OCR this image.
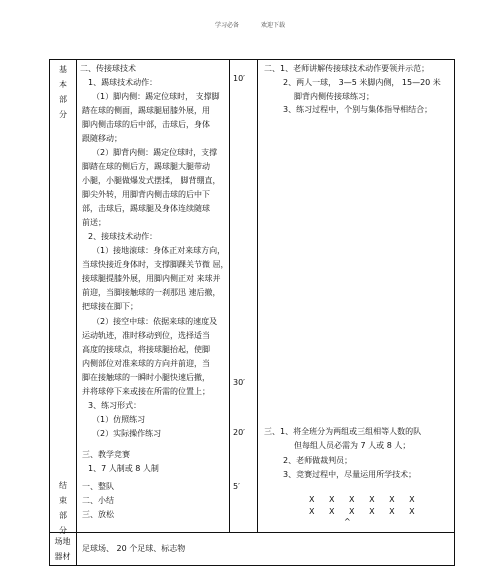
学习必备	欢迎下载
基
本
部
分
结
束
部
分
场地
器材
二、传接球技术
1、踢球技术动作：
（1）脚内侧：踢定位球时， 支撑脚
踏在球的侧面，踢球腿屈膝外展，用
脚内侧击球的后中部，击球后，身体
跟随移动；
（2）脚背内侧：踢定位球时，支撑
脚踏在球的侧后方，踢球腿大腿带动
小腿，小腿做爆发式摆揉， 脚背绷直，
脚尖外转，用脚背内侧击球的后中下
部，击球后，踢球腿及身体连续随球
前送；
2、接球技术动作：
（1）接地滚球：身体正对来球方向，
当球快接近身体时，支撑脚踝关节微 屈，
接球腿提膝外展，用脚内侧正对 来球并
前迎，当脚接触球的一刹那迅 速后撤，
把球接在脚下；
（2）接空中球：依据来球的速度及
运动轨迹，准时移动到位，选择适当
高度的接球点，将接球腿抬起，使脚
内侧部位对准来球的方向并前迎，当
脚在接触球的一瞬时小腿快速后撤，
并将球停下来或接在所需的位置上；
3、练习形式：
（1）仿照练习
（2）实际操作练习
三、教学竞赛
1、7 人制或 8 人制
一、整队
二、小结
三、放松
10′
30′
20′
5′
二、1、老师讲解传接球技术动作要领并示范；
2、两人一球， 3—5 米脚内侧， 15—20 米
脚背内侧传接球练习；
3、练习过程中，个别与集体指导相结合；
三、1、将全班分为两组或三组相等人数的队
但每组人员必需为 7 人或 8 人；
2、老师做裁判员；
3、竞赛过程中，尽量运用所学技术；
X X X X X X
X X X X X X
^
足球场、 20 个足球、标志物
